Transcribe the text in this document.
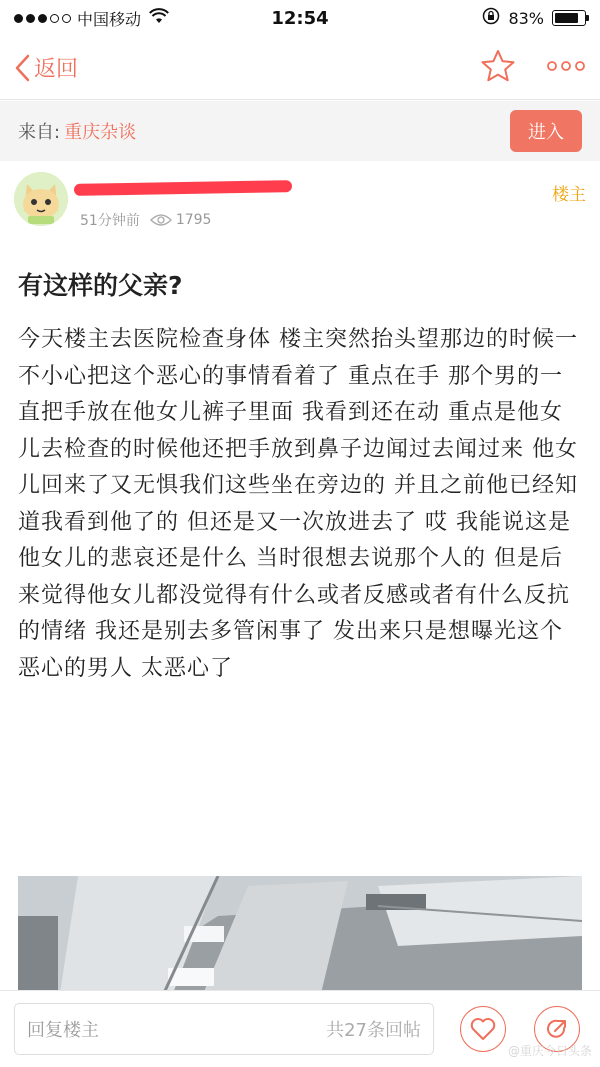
中国移动	12:54	83%
返回
来自: 重庆杂谈	进入
51分钟前	1795
楼主
有这样的父亲?
今天楼主去医院检查身体 楼主突然抬头望那边的时候一不小心把这个恶心的事情看着了 重点在手 那个男的一直把手放在他女儿裤子里面 我看到还在动 重点是他女儿去检查的时候他还把手放到鼻子边闻过去闻过来 他女儿回来了又无惧我们这些坐在旁边的 并且之前他已经知道我看到他了的 但还是又一次放进去了 哎 我能说这是他女儿的悲哀还是什么 当时很想去说那个人的 但是后来觉得他女儿都没觉得有什么或者反感或者有什么反抗的情绪 我还是别去多管闲事了 发出来只是想曝光这个恶心的男人 太恶心了
回复楼主	共27条回帖
@重庆今日头条
